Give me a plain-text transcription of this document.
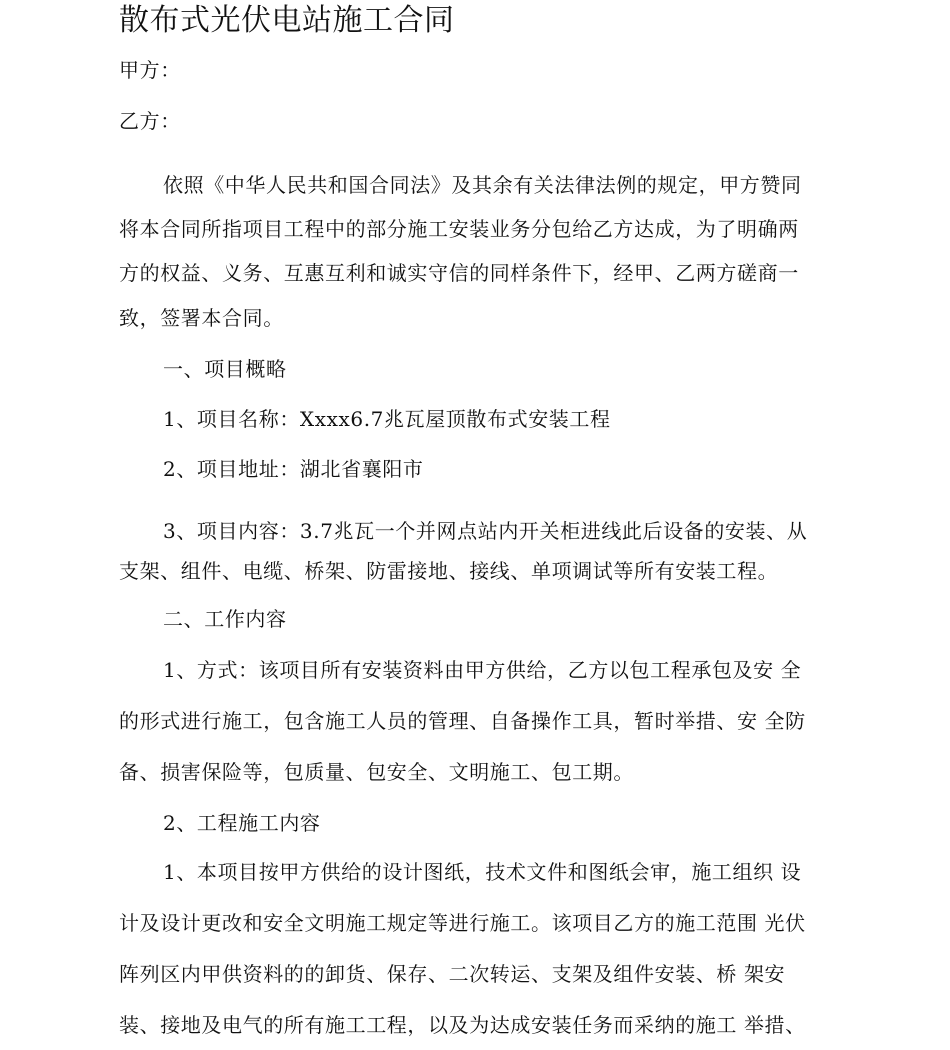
散布式光伏电站施工合同

甲方：

乙方：

依照《中华人民共和国合同法》及其余有关法律法例的规定，甲方赞同

将本合同所指项目工程中的部分施工安装业务分包给乙方达成，为了明确两

方的权益、义务、互惠互利和诚实守信的同样条件下，经甲、乙两方磋商一

致，签署本合同。

一、项目概略

1、项目名称：Xxxx6.7兆瓦屋顶散布式安装工程

2、项目地址：湖北省襄阳市

3、项目内容：3.7兆瓦一个并网点站内开关柜进线此后设备的安装、从

支架、组件、电缆、桥架、防雷接地、接线、单项调试等所有安装工程。

二、工作内容

1、方式：该项目所有安装资料由甲方供给，乙方以包工程承包及安 全

的形式进行施工，包含施工人员的管理、自备操作工具，暂时举措、安 全防

备、损害保险等，包质量、包安全、文明施工、包工期。

2、工程施工内容

1、本项目按甲方供给的设计图纸，技术文件和图纸会审，施工组织 设

计及设计更改和安全文明施工规定等进行施工。该项目乙方的施工范围 光伏

阵列区内甲供资料的的卸货、保存、二次转运、支架及组件安装、桥 架安

装、接地及电气的所有施工工程，以及为达成安装任务而采纳的施工 举措、
